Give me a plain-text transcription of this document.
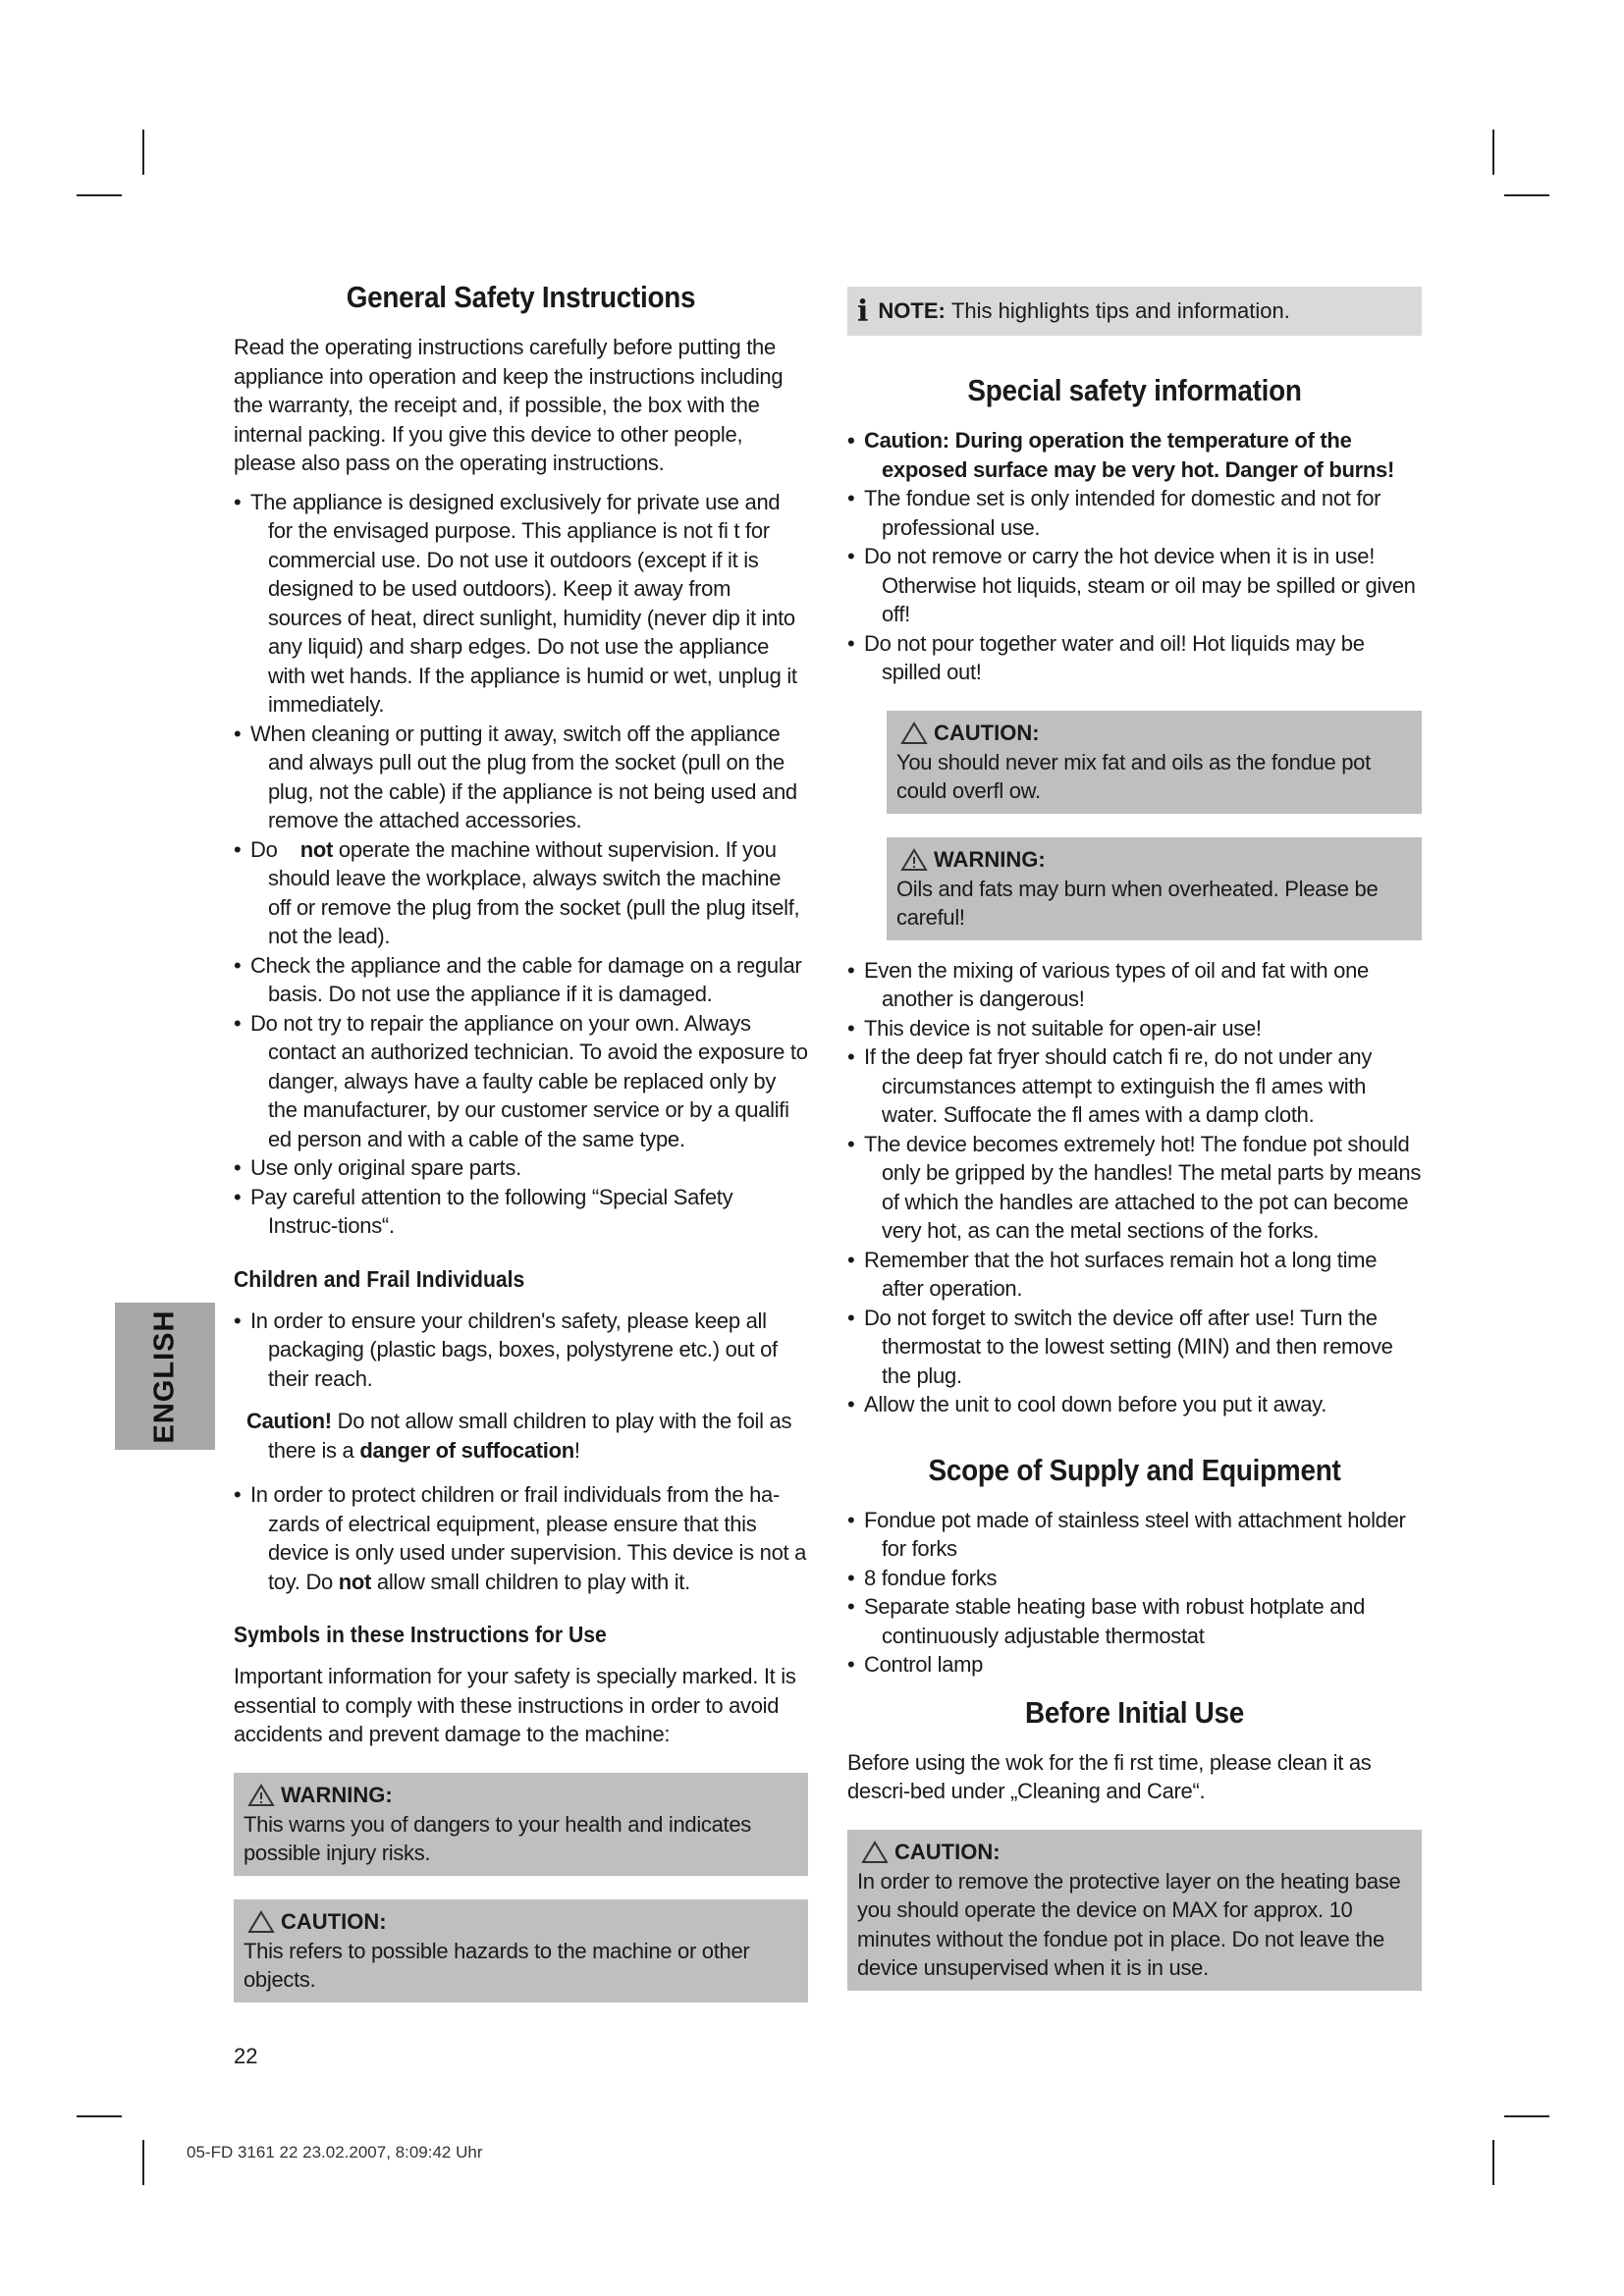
ENGLISH
General Safety Instructions

Read the operating instructions carefully before putting the appliance into operation and keep the instructions including the warranty, the receipt and, if possible, the box with the internal packing. If you give this device to other people, please also pass on the operating instructions.

• The appliance is designed exclusively for private use and for the envisaged purpose. This appliance is not fi t for commercial use. Do not use it outdoors (except if it is designed to be used outdoors). Keep it away from sources of heat, direct sunlight, humidity (never dip it into any liquid) and sharp edges. Do not use the appliance with wet hands. If the appliance is humid or wet, unplug it immediately.
• When cleaning or putting it away, switch off the appliance and always pull out the plug from the socket (pull on the plug, not the cable) if the appliance is not being used and remove the attached accessories.
• Do not operate the machine without supervision. If you should leave the workplace, always switch the machine off or remove the plug from the socket (pull the plug itself, not the lead).
• Check the appliance and the cable for damage on a regular basis. Do not use the appliance if it is damaged.
• Do not try to repair the appliance on your own. Always contact an authorized technician. To avoid the exposure to danger, always have a faulty cable be replaced only by the manufacturer, by our customer service or by a qualifi ed person and with a cable of the same type.
• Use only original spare parts.
• Pay careful attention to the following “Special Safety Instruc-tions“.
Children and Frail Individuals
• In order to ensure your children's safety, please keep all packaging (plastic bags, boxes, polystyrene etc.) out of their reach.

Caution! Do not allow small children to play with the foil as there is a danger of suffocation!

• In order to protect children or frail individuals from the ha-zards of electrical equipment, please ensure that this device is only used under supervision. This device is not a toy. Do not allow small children to play with it.
Symbols in these Instructions for Use

Important information for your safety is specially marked. It is essential to comply with these instructions in order to avoid accidents and prevent damage to the machine:

WARNING:

This warns you of dangers to your health and indicates possible injury risks.

CAUTION:

This refers to possible hazards to the machine or other objects.

i NOTE:
This highlights tips and information.
Special safety information
• Caution: During operation the temperature of the exposed surface may be very hot. Danger of burns!
• The fondue set is only intended for domestic and not for professional use.
• Do not remove or carry the hot device when it is in use! Otherwise hot liquids, steam or oil may be spilled or given off!
• Do not pour together water and oil! Hot liquids may be spilled out!
CAUTION:

You should never mix fat and oils as the fondue pot could overfl ow.

WARNING:

Oils and fats may burn when overheated. Please be careful!

• Even the mixing of various types of oil and fat with one another is dangerous!
• This device is not suitable for open-air use!
• If the deep fat fryer should catch fi re, do not under any circumstances attempt to extinguish the fl ames with water. Suffocate the fl ames with a damp cloth.
• The device becomes extremely hot! The fondue pot should only be gripped by the handles! The metal parts by means of which the handles are attached to the pot can become very hot, as can the metal sections of the forks.
• Remember that the hot surfaces remain hot a long time after operation.
• Do not forget to switch the device off after use! Turn the thermostat to the lowest setting (MIN) and then remove the plug.
• Allow the unit to cool down before you put it away.
Scope of Supply and Equipment
• Fondue pot made of stainless steel with attachment holder for forks
• 8 fondue forks
• Separate stable heating base with robust hotplate and continuously adjustable thermostat
• Control lamp
Before Initial Use

Before using the wok for the fi rst time, please clean it as descri-bed under „Cleaning and Care“.

CAUTION:

In order to remove the protective layer on the heating base you should operate the device on MAX for approx. 10 minutes without the fondue pot in place. Do not leave the device unsupervised when it is in use.

22
05-FD 3161 22 23.02.2007, 8:09:42 Uhr
